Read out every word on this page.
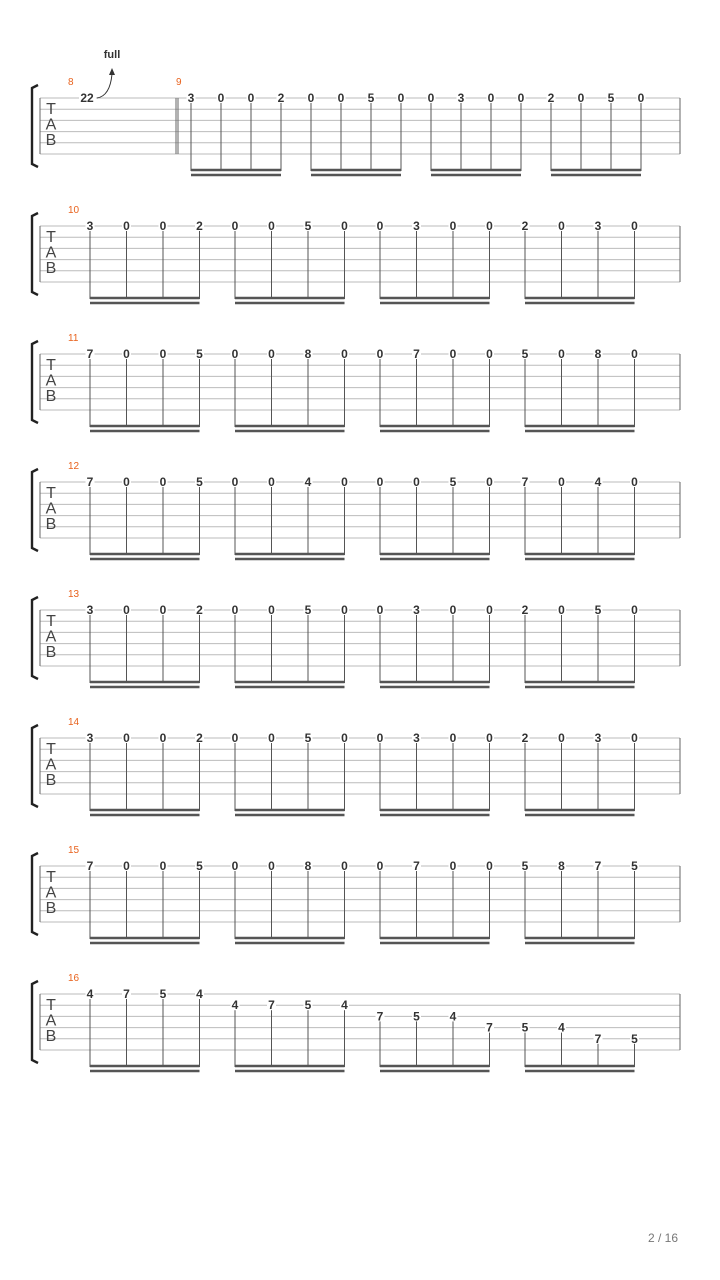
T
A
B
8
22
full
9
3 0 0 2 0 0 5 0 0 3 0 0 2 0 5 0
T
A
B
10
3 0 0 2 0 0 5 0 0 3 0 0 2 0 3 0
T
A
B
11
7 0 0 5 0 0 8 0 0 7 0 0 5 0 8 0
T
A
B
12
7 0 0 5 0 0 4 0 0 0 5 0 7 0 4 0
T
A
B
13
3 0 0 2 0 0 5 0 0 3 0 0 2 0 5 0
T
A
B
14
3 0 0 2 0 0 5 0 0 3 0 0 2 0 3 0
T
A
B
15
7 0 0 5 0 0 8 0 0 7 0 0 5 8 7 5
T
A
B
16
4 7 5 4
4 7 5 4
7 5 4
7 5 4
7 5
2 / 16
